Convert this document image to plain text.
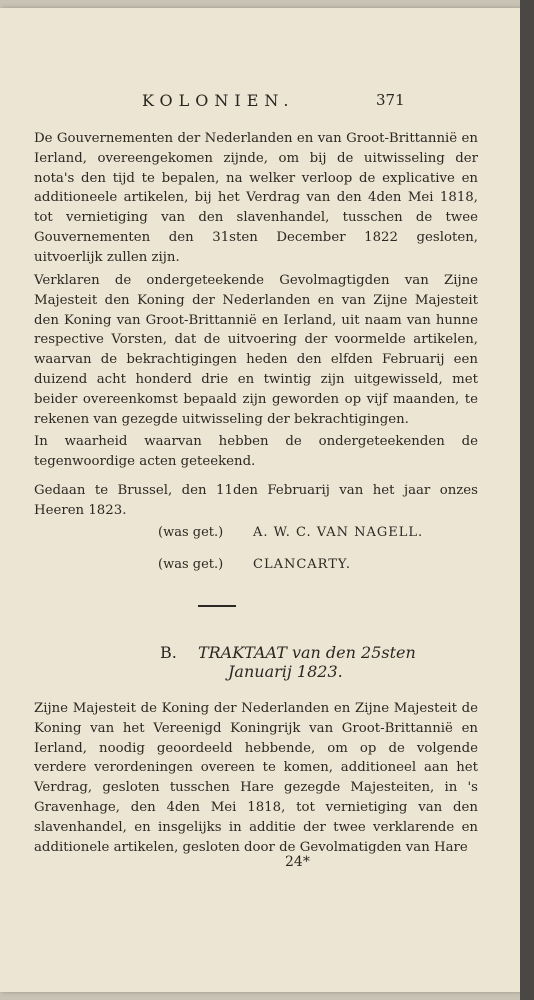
KOLONIEN.	371

De Gouvernementen der Nederlanden en van Groot-Brittannië en Ierland, overeengekomen zijnde, om bij de uitwisseling der nota's den tijd te bepalen, na welker verloop de explicative en additioneele artikelen, bij het Verdrag van den 4den Mei 1818, tot vernietiging van den slavenhandel, tusschen de twee Gouvernementen den 31sten December 1822 gesloten, uitvoerlijk zullen zijn.

Verklaren de ondergeteekende Gevolmagtigden van Zijne Majesteit den Koning der Nederlanden en van Zijne Majesteit den Koning van Groot-Brittannië en Ierland, uit naam van hunne respective Vorsten, dat de uitvoering der voormelde artikelen, waarvan de bekrachtigingen heden den elfden Februarij een duizend acht honderd drie en twintig zijn uitgewisseld, met beider overeenkomst bepaald zijn geworden op vijf maanden, te rekenen van gezegde uitwisseling der bekrachtigingen.

In waarheid waarvan hebben de ondergeteekenden de tegenwoordige acten geteekend.

Gedaan te Brussel, den 11den Februarij van het jaar onzes Heeren 1823.

(was get.) A. W. C. VAN NAGELL.
(was get.) CLANCARTY.
B. TRAKTAAT van den 25sten
Januarij 1823.

Zijne Majesteit de Koning der Nederlanden en Zijne Majesteit de Koning van het Vereenigd Koningrijk van Groot-Brittannië en Ierland, noodig geoordeeld hebbende, om op de volgende verdere verordeningen overeen te komen, additioneel aan het Verdrag, gesloten tusschen Hare gezegde Majesteiten, in 's Gravenhage, den 4den Mei 1818, tot vernietiging van den slavenhandel, en insgelijks in additie der twee verklarende en additionele artikelen, gesloten door de Gevolmatigden van Hare

24*
